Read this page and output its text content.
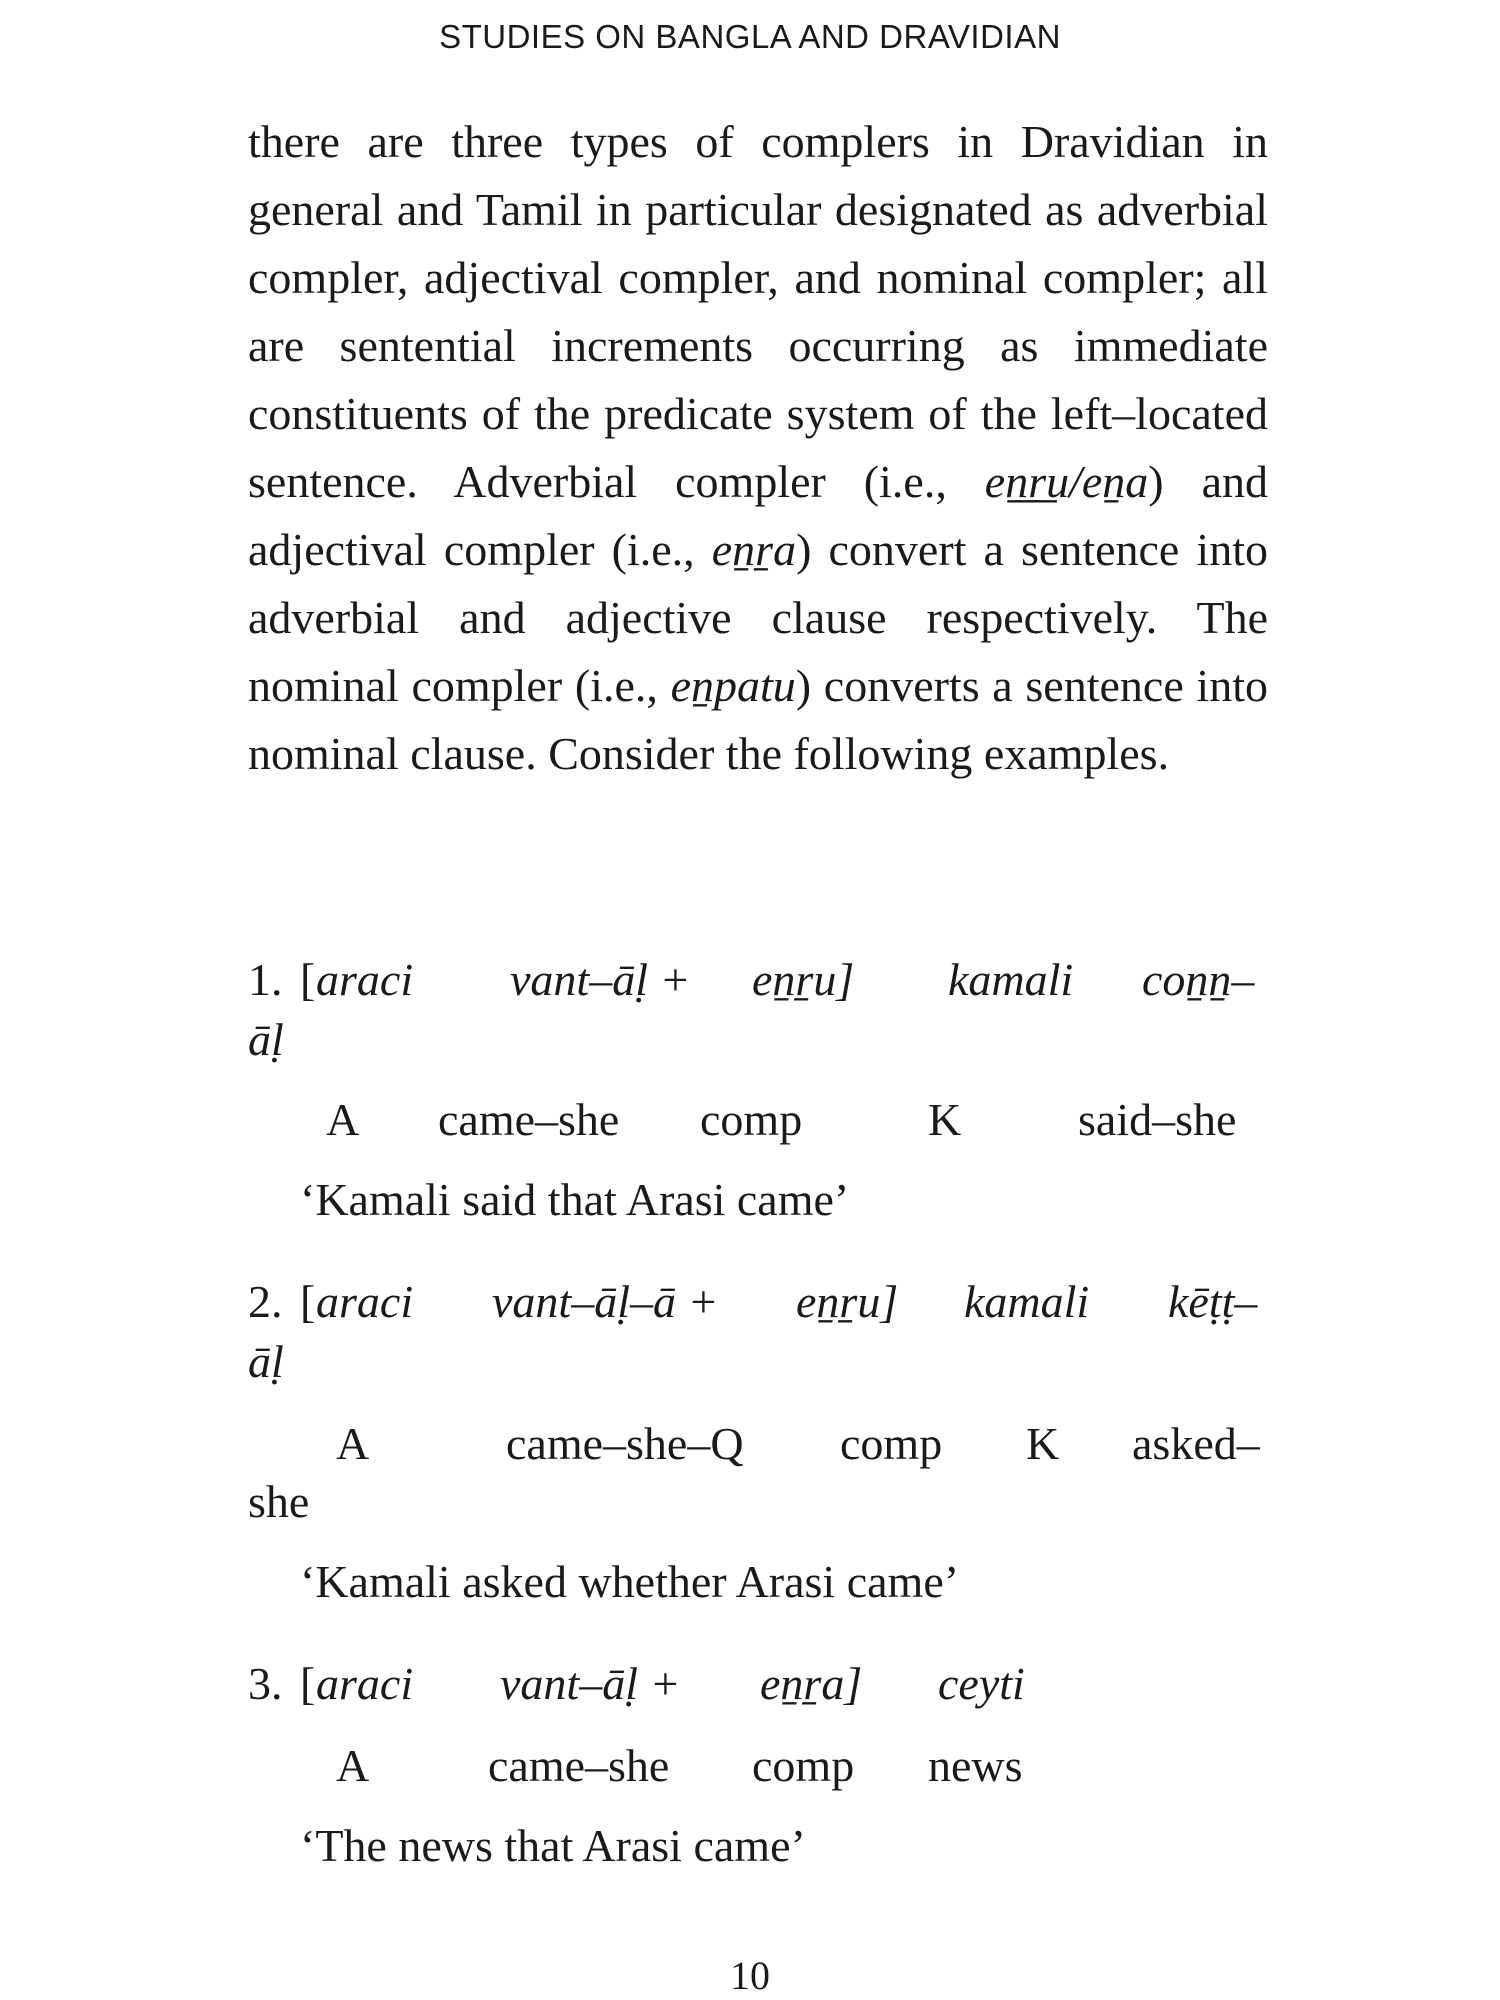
STUDIES ON BANGLA AND DRAVIDIAN
there are three types of complers in Dravidian in general and Tamil in particular designated as adverbial compler, adjectival compler, and nominal compler; all are sentential increments occurring as immediate constituents of the predicate system of the left–located sentence. Adverbial compler (i.e., eṉ̲ṟ̲u/eṉa) and adjectival compler (i.e., eṉṟa) convert a sentence into adverbial and adjective clause respectively. The nominal compler (i.e., eṉpatu) converts a sentence into nominal clause. Consider the following examples.
1. [ araci vant–āḷ + eṉṟu] kamali coṉṉ–
āḷ
A came–she comp	K	said–she
‘Kamali said that Arasi came’
2. [ araci vant–āḷ–ā + eṉṟu] kamali kēṭṭ–
āḷ
A	came–she–Q comp K asked–
she
‘Kamali asked whether Arasi came’
3. [ araci vant–āḷ + eṉṟa] ceyti
A	came–she comp news
‘The news that Arasi came’
10
